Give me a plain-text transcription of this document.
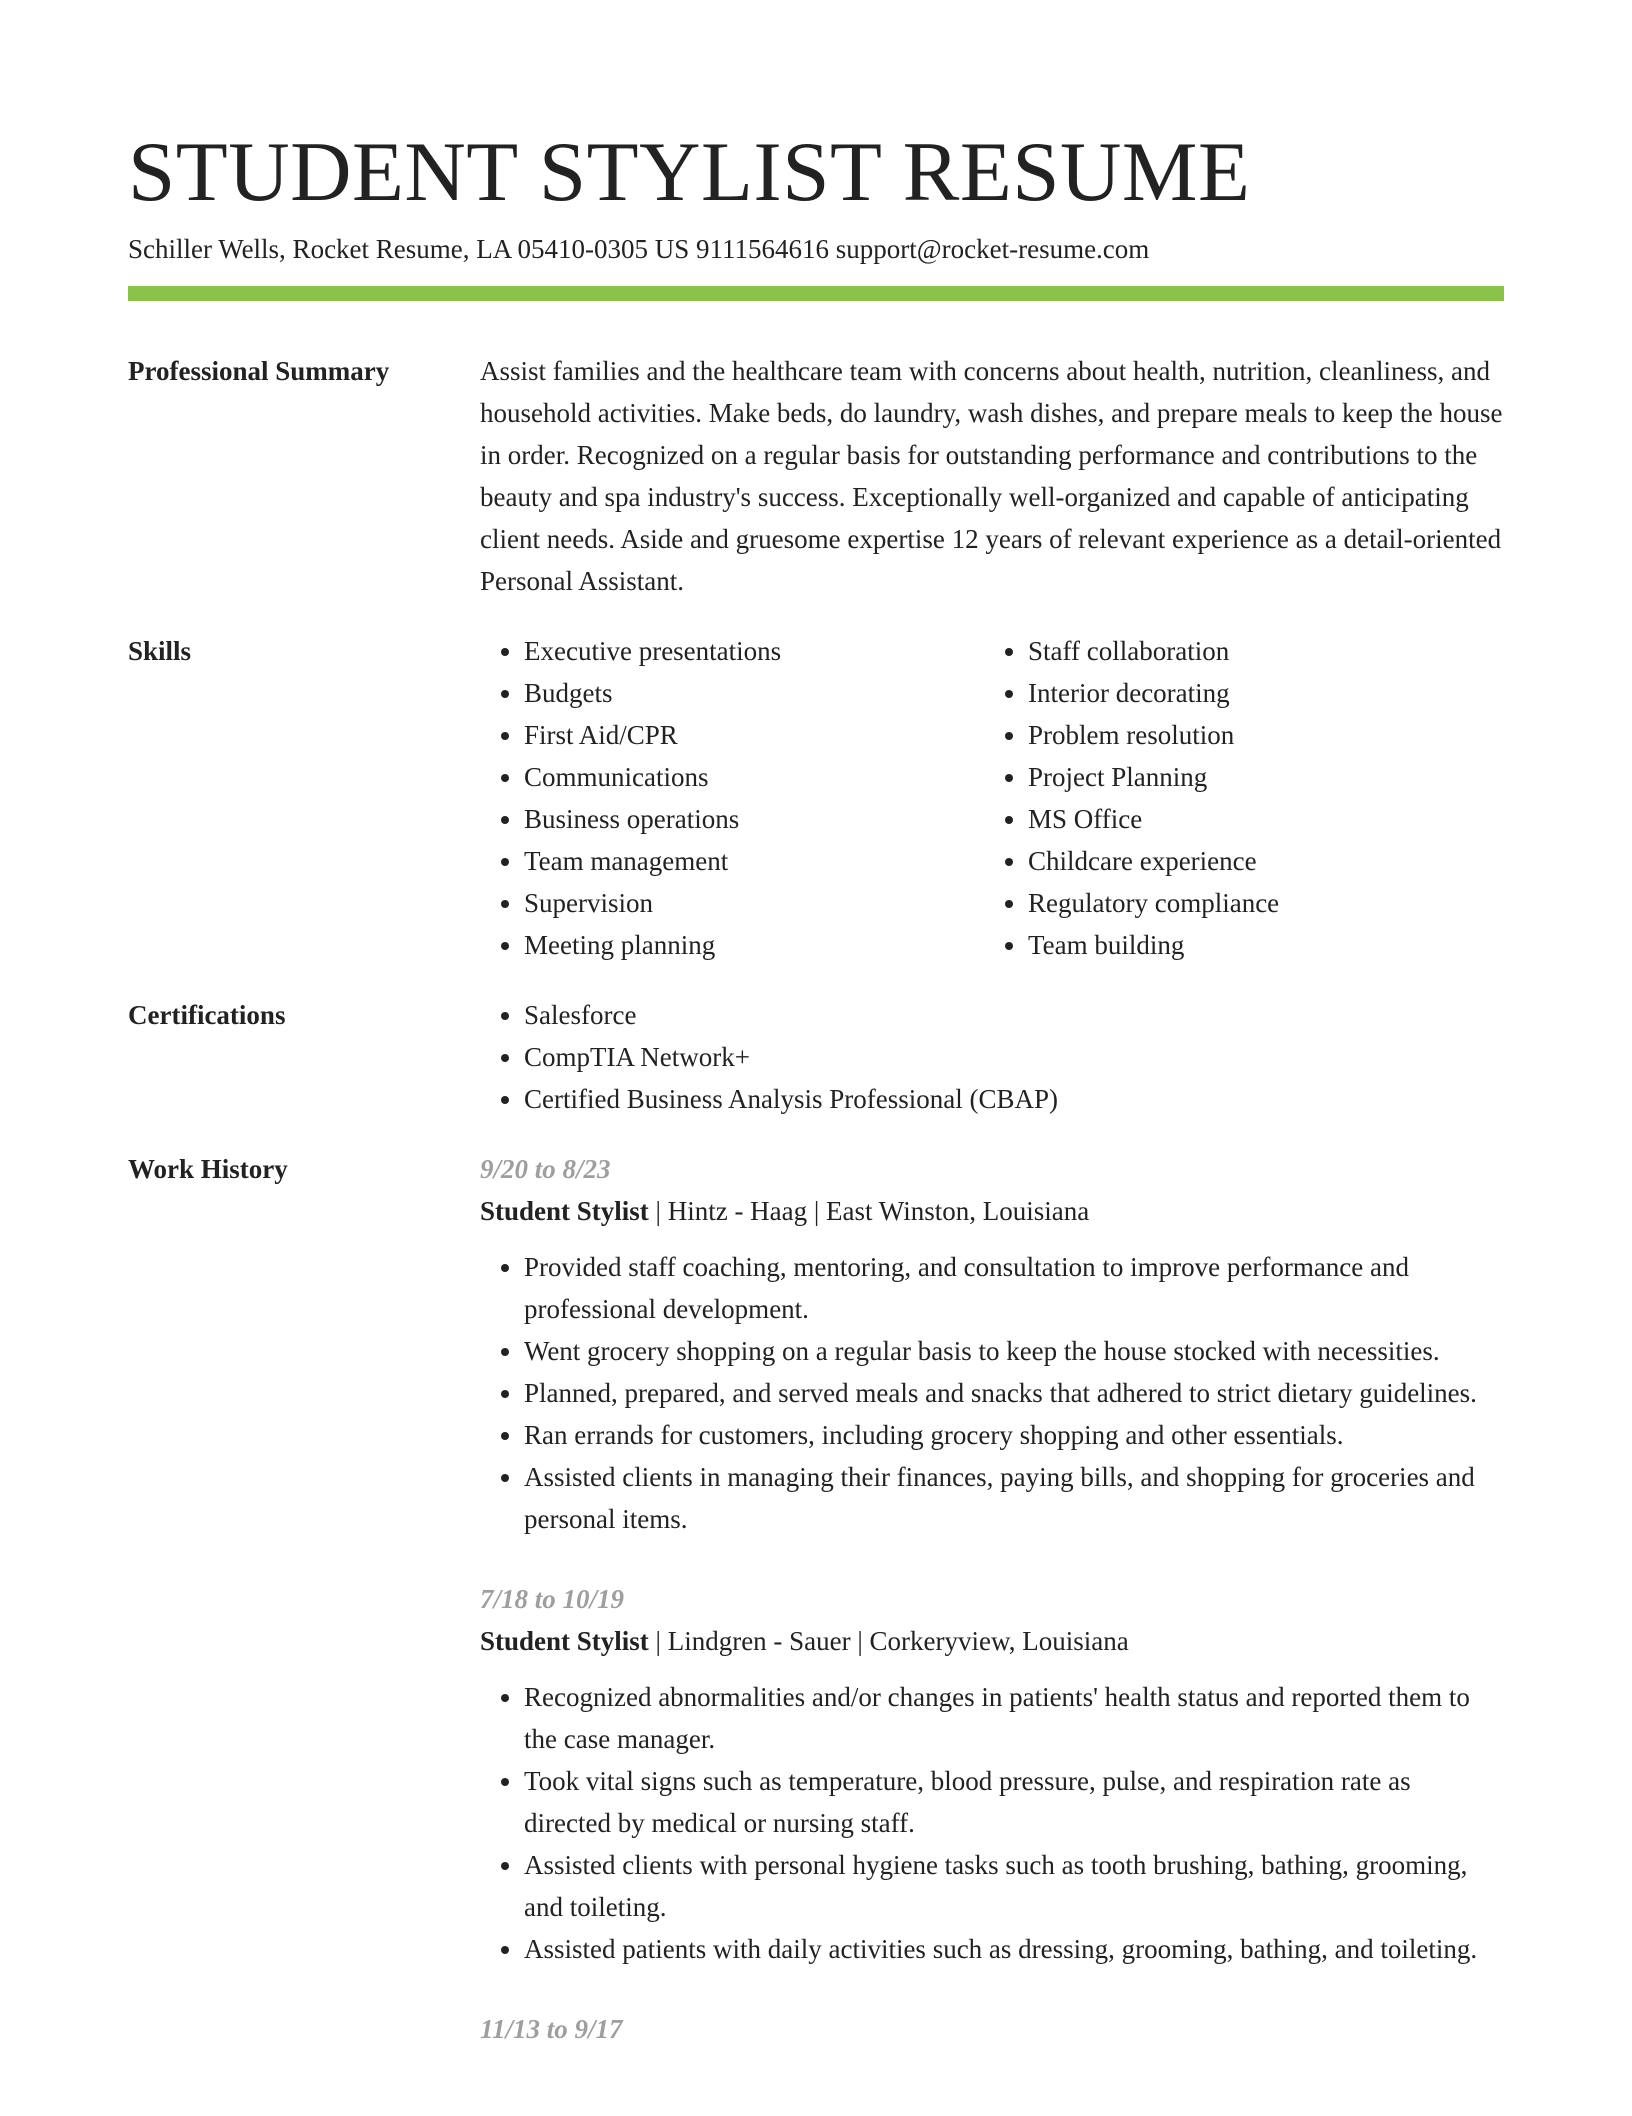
STUDENT STYLIST RESUME
Schiller Wells, Rocket Resume, LA 05410-0305 US 9111564616 support@rocket-resume.com
Professional Summary	Assist families and the healthcare team with concerns about health, nutrition, cleanliness, and household activities. Make beds, do laundry, wash dishes, and prepare meals to keep the house in order. Recognized on a regular basis for outstanding performance and contributions to the beauty and spa industry's success. Exceptionally well-organized and capable of anticipating client needs. Aside and gruesome expertise 12 years of relevant experience as a detail-oriented Personal Assistant.

Skills	• Executive presentations
• Budgets
• First Aid/CPR
• Communications
• Business operations
• Team management
• Supervision
• Meeting planning
• Staff collaboration
• Interior decorating
• Problem resolution
• Project Planning
• MS Office
• Childcare experience
• Regulatory compliance
• Team building
Certifications	• Salesforce
• CompTIA Network+
• Certified Business Analysis Professional (CBAP)
Work History	9/20 to 8/23
Student Stylist | Hintz - Haag | East Winston, Louisiana
• Provided staff coaching, mentoring, and consultation to improve performance and professional development.
• Went grocery shopping on a regular basis to keep the house stocked with necessities.
• Planned, prepared, and served meals and snacks that adhered to strict dietary guidelines.
• Ran errands for customers, including grocery shopping and other essentials.
• Assisted clients in managing their finances, paying bills, and shopping for groceries and personal items.
7/18 to 10/19
Student Stylist | Lindgren - Sauer | Corkeryview, Louisiana
• Recognized abnormalities and/or changes in patients' health status and reported them to the case manager.
• Took vital signs such as temperature, blood pressure, pulse, and respiration rate as directed by medical or nursing staff.
• Assisted clients with personal hygiene tasks such as tooth brushing, bathing, grooming, and toileting.
• Assisted patients with daily activities such as dressing, grooming, bathing, and toileting.
11/13 to 9/17
